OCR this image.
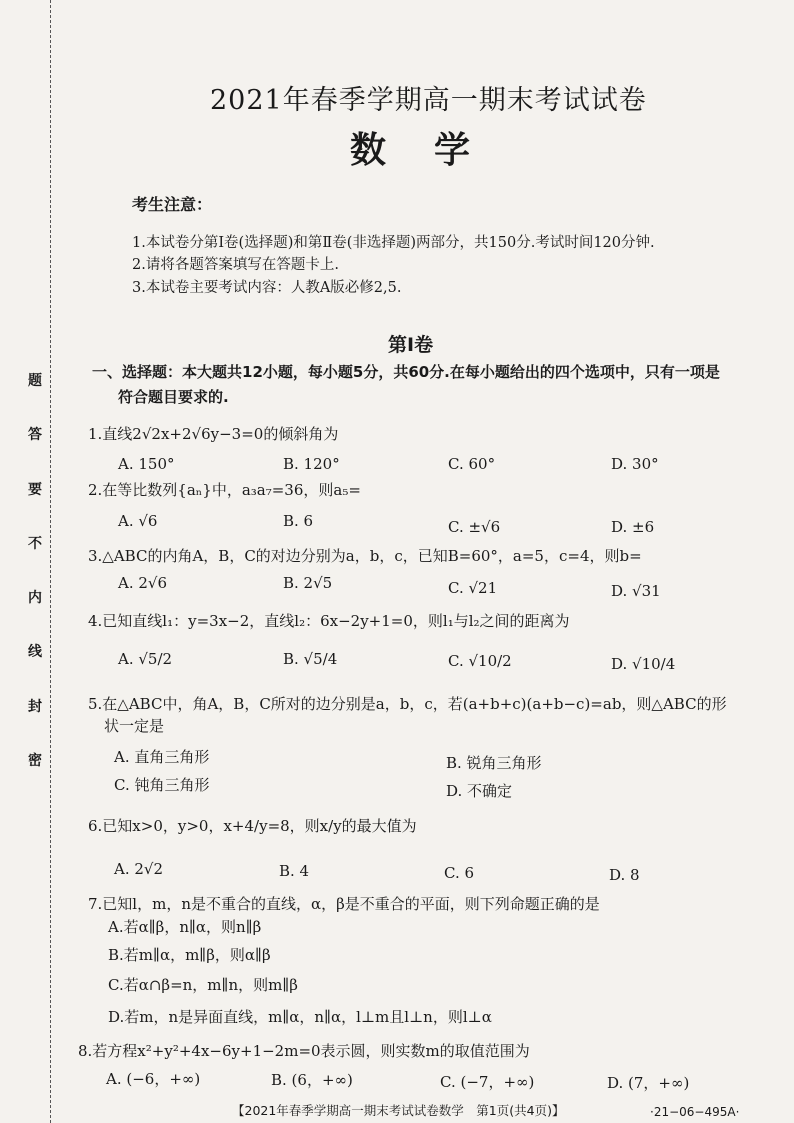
题
答
要
不
内
线
封
密
2021年春季学期高一期末考试试卷
数学
考生注意：
1.本试卷分第Ⅰ卷(选择题)和第Ⅱ卷(非选择题)两部分，共150分.考试时间120分钟.
2.请将各题答案填写在答题卡上.
3.本试卷主要考试内容：人教A版必修2,5.
第Ⅰ卷
一、选择题：本大题共12小题，每小题5分，共60分.在每小题给出的四个选项中，只有一项是
符合题目要求的.
1.直线2√2x+2√6y−3=0的倾斜角为
A. 150°	B. 120°	C. 60°	D. 30°
2.在等比数列{aₙ}中，a₃a₇=36，则a₅=
A. √6	B. 6	C. ±√6	D. ±6
3.△ABC的内角A，B，C的对边分别为a，b，c，已知B=60°，a=5，c=4，则b=
A. 2√6	B. 2√5	C. √21	D. √31
4.已知直线l₁：y=3x−2，直线l₂：6x−2y+1=0，则l₁与l₂之间的距离为
A. √5/2	B. √5/4	C. √10/2	D. √10/4
5.在△ABC中，角A，B，C所对的边分别是a，b，c，若(a+b+c)(a+b−c)=ab，则△ABC的形
状一定是
A. 直角三角形	B. 锐角三角形
C. 钝角三角形	D. 不确定
6.已知x>0，y>0，x+4/y=8，则x/y的最大值为
A. 2√2	B. 4	C. 6	D. 8
7.已知l，m，n是不重合的直线，α，β是不重合的平面，则下列命题正确的是
A.若α∥β，n∥α，则n∥β
B.若m∥α，m∥β，则α∥β
C.若α∩β=n，m∥n，则m∥β
D.若m，n是异面直线，m∥α，n∥α，l⊥m且l⊥n，则l⊥α
8.若方程x²+y²+4x−6y+1−2m=0表示圆，则实数m的取值范围为
A. (−6，+∞)	B. (6，+∞)	C. (−7，+∞)	D. (7，+∞)
【2021年春季学期高一期末考试试卷数学　第1页(共4页)】	·21−06−495A·
